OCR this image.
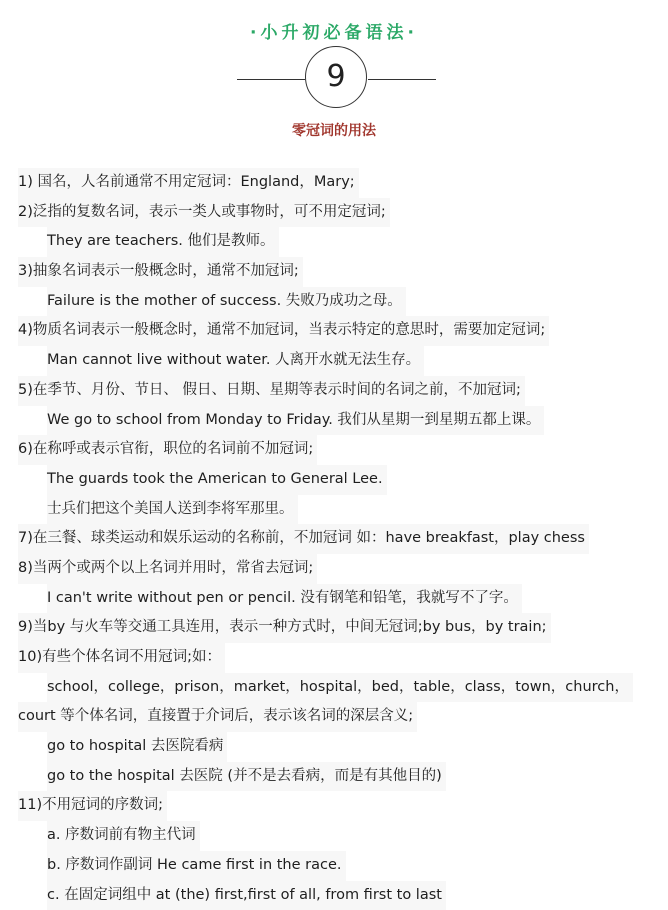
·小升初必备语法·
9
零冠词的用法
1) 国名，人名前通常不用定冠词：England，Mary;
2)泛指的复数名词，表示一类人或事物时，可不用定冠词;
They are teachers. 他们是教师。
3)抽象名词表示一般概念时，通常不加冠词;
Failure is the mother of success. 失败乃成功之母。
4)物质名词表示一般概念时，通常不加冠词，当表示特定的意思时，需要加定冠词;
Man cannot live without water. 人离开水就无法生存。
5)在季节、月份、节日、 假日、日期、星期等表示时间的名词之前，不加冠词;
We go to school from Monday to Friday. 我们从星期一到星期五都上课。
6)在称呼或表示官衔，职位的名词前不加冠词;
The guards took the American to General Lee.
士兵们把这个美国人送到李将军那里。
7)在三餐、球类运动和娱乐运动的名称前，不加冠词 如：have breakfast，play chess
8)当两个或两个以上名词并用时，常省去冠词;
I can't write without pen or pencil. 没有钢笔和铅笔，我就写不了字。
9)当by 与火车等交通工具连用，表示一种方式时，中间无冠词;by bus，by train;
10)有些个体名词不用冠词;如：
school，college，prison，market，hospital，bed，table，class，town，church，
court 等个体名词，直接置于介词后，表示该名词的深层含义;
go to hospital 去医院看病
go to the hospital 去医院 (并不是去看病，而是有其他目的)
11)不用冠词的序数词;
a. 序数词前有物主代词
b. 序数词作副词 He came first in the race.
c. 在固定词组中 at (the) first,first of all, from first to last
